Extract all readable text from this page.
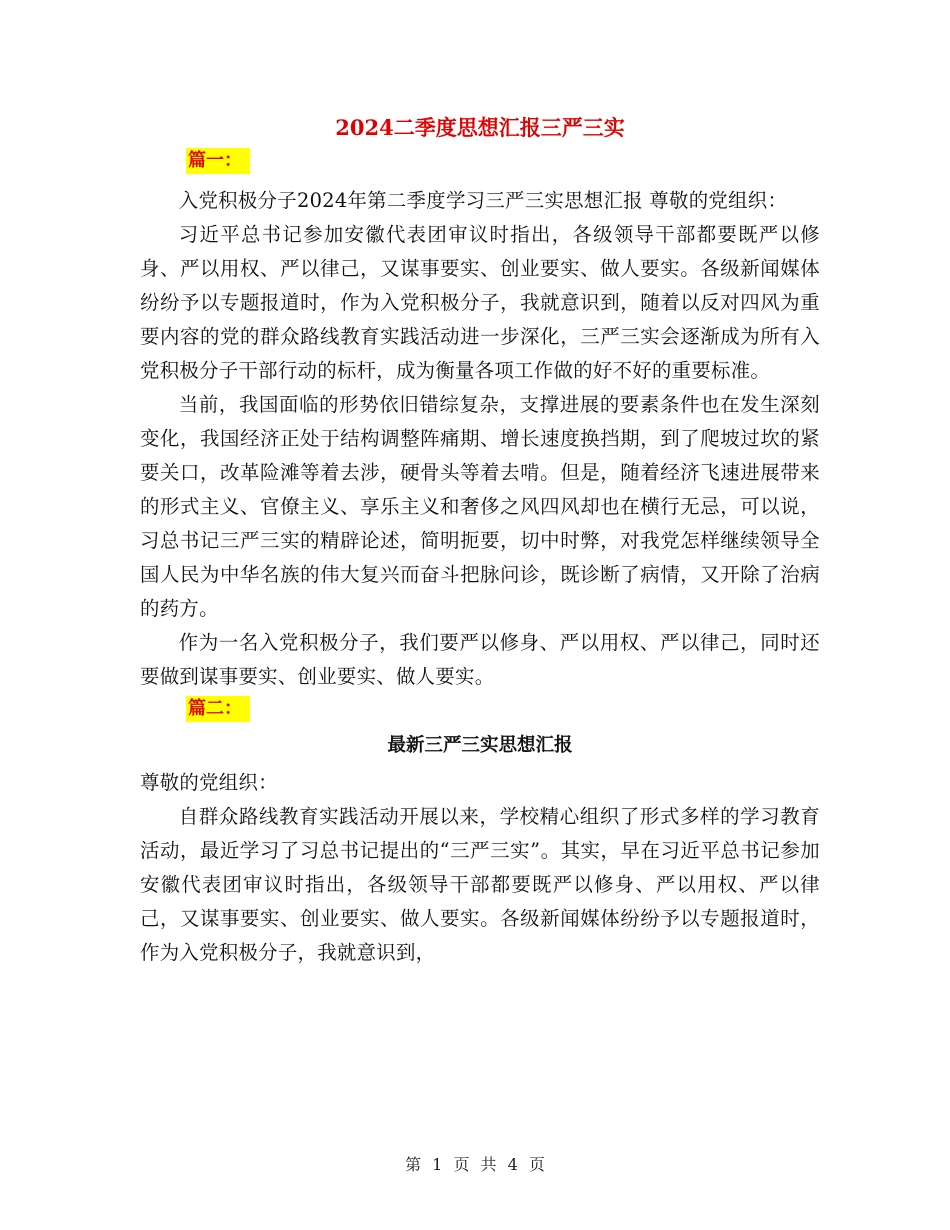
2024二季度思想汇报三严三实
篇一：

入党积极分子2024年第二季度学习三严三实思想汇报 尊敬的党组织：

习近平总书记参加安徽代表团审议时指出，各级领导干部都要既严以修身、严以用权、严以律己，又谋事要实、创业要实、做人要实。各级新闻媒体纷纷予以专题报道时，作为入党积极分子，我就意识到，随着以反对四风为重要内容的党的群众路线教育实践活动进一步深化，三严三实会逐渐成为所有入党积极分子干部行动的标杆，成为衡量各项工作做的好不好的重要标准。

当前，我国面临的形势依旧错综复杂，支撑进展的要素条件也在发生深刻变化，我国经济正处于结构调整阵痛期、增长速度换挡期，到了爬坡过坎的紧要关口，改革险滩等着去涉，硬骨头等着去啃。但是，随着经济飞速进展带来的形式主义、官僚主义、享乐主义和奢侈之风四风却也在横行无忌，可以说，习总书记三严三实的精辟论述，简明扼要，切中时弊，对我党怎样继续领导全国人民为中华名族的伟大复兴而奋斗把脉问诊，既诊断了病情，又开除了治病的药方。

作为一名入党积极分子，我们要严以修身、严以用权、严以律己，同时还要做到谋事要实、创业要实、做人要实。

篇二：
最新三严三实思想汇报

尊敬的党组织：

自群众路线教育实践活动开展以来，学校精心组织了形式多样的学习教育活动，最近学习了习总书记提出的“三严三实”。其实，早在习近平总书记参加安徽代表团审议时指出，各级领导干部都要既严以修身、严以用权、严以律己，又谋事要实、创业要实、做人要实。各级新闻媒体纷纷予以专题报道时，作为入党积极分子，我就意识到，

第 1 页 共 4 页
